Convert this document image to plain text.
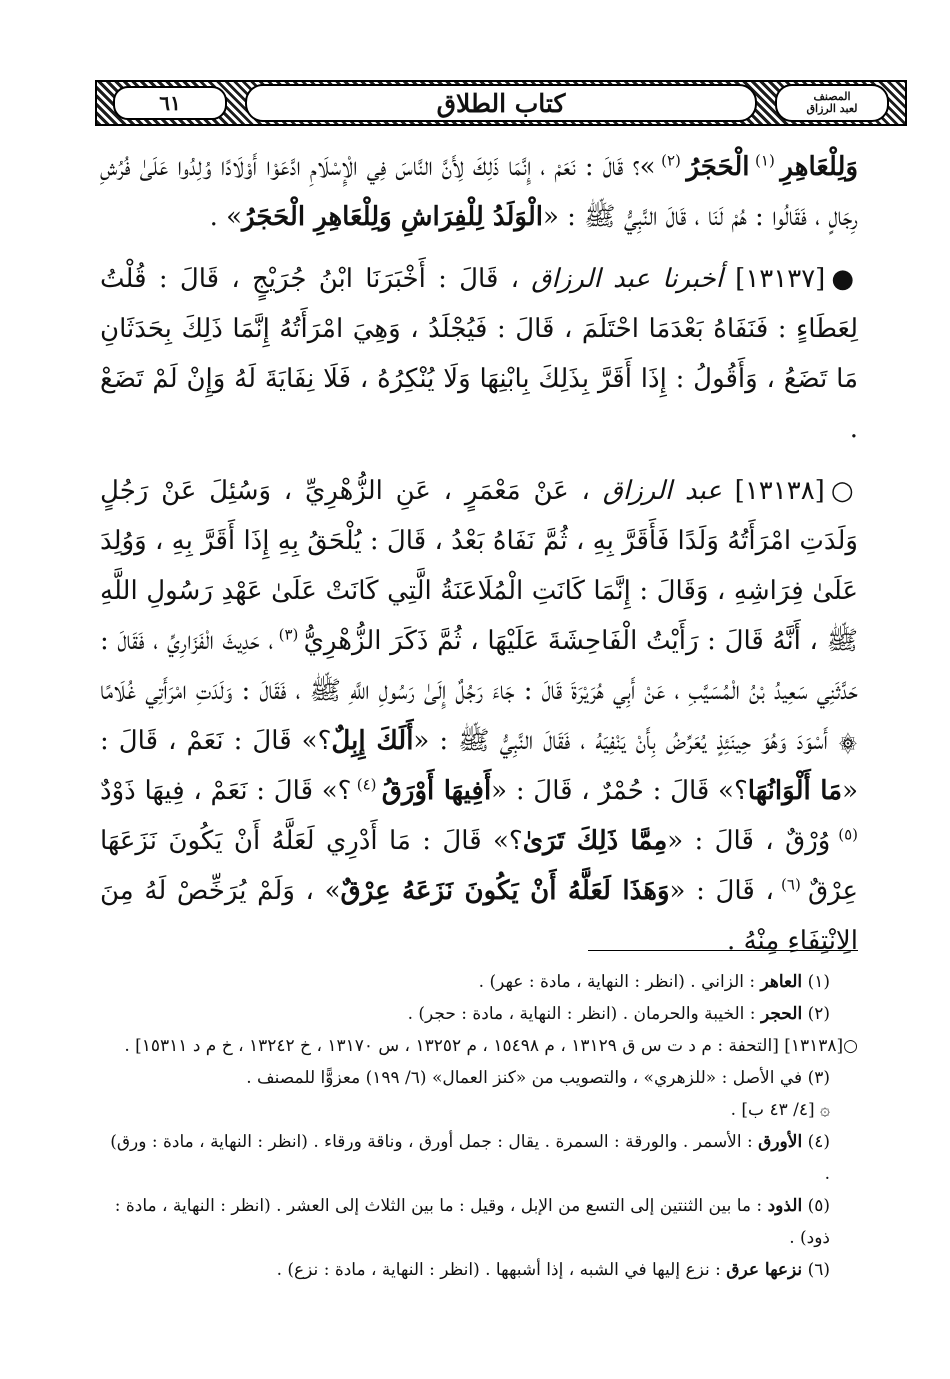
كتاب الطلاق
٦١	المصنف
لعبد الرزاق

وَلِلْعَاهِرِ $^{(١)}$ الْحَجَرُ $^{(٢)}$ »؟ قَالَ : نَعَمْ ، إِنَّمَا ذَلِكَ لِأَنَّ النَّاسَ فِي الْإِسْلَامِ ادَّعَوْا أَوْلَادًا وُلِدُوا عَلَىٰ فُرُشِ رِجَالٍ ، فَقَالُوا : هُمْ لَنَا ، قَالَ النَّبِيُّ ﷺ : «الْوَلَدُ لِلْفِرَاشِ وَلِلْعَاهِرِ الْحَجَرُ» .

●[١٣١٣٧] أخبرنا عبد الرزاق ، قَالَ : أَخْبَرَنَا ابْنُ جُرَيْجٍ ، قَالَ : قُلْتُ لِعَطَاءٍ : فَنَفَاهُ بَعْدَمَا احْتَلَمَ ، قَالَ : فَيُجْلَدُ ، وَهِيَ امْرَأَتُهُ إِنَّمَا ذَلِكَ بِحَدَثَانِ مَا تَضَعُ ، وَأَقُولُ : إِذَا أَقَرَّ بِذَلِكَ بِابْنِهَا وَلَا يُنْكِرُهُ ، فَلَا نِفَايَةَ لَهُ وَإِنْ لَمْ تَضَعْ .

○[١٣١٣٨] عبد الرزاق ، عَنْ مَعْمَرٍ ، عَنِ الزُّهْرِيِّ ، وَسُئِلَ عَنْ رَجُلٍ وَلَدَتِ امْرَأَتُهُ وَلَدًا فَأَقَرَّ بِهِ ، ثُمَّ نَفَاهُ بَعْدُ ، قَالَ : يُلْحَقُ بِهِ إِذَا أَقَرَّ بِهِ ، وَوُلِدَ عَلَىٰ فِرَاشِهِ ، وَقَالَ : إِنَّمَا كَانَتِ الْمُلَاعَنَةُ الَّتِي كَانَتْ عَلَىٰ عَهْدِ رَسُولِ اللَّهِ ﷺ ، أَنَّهُ قَالَ : رَأَيْتُ الْفَاحِشَةَ عَلَيْهَا ، ثُمَّ ذَكَرَ الزُّهْرِيُّ $^{(٣)}$ ، حَدِيثَ الْفَزَارِيِّ ، فَقَالَ : حَدَّثَنِي سَعِيدُ بْنُ الْمُسَيَّبِ ، عَنْ أَبِي هُرَيْرَةَ قَالَ : جَاءَ رَجُلٌ إِلَىٰ رَسُولِ اللَّهِ ﷺ ، فَقَالَ : وَلَدَتِ امْرَأَتِي غُلَامًا ۞ أَسْوَدَ وَهُوَ حِينَئِذٍ يُعَرِّضُ بِأَنْ يَنْفِيَهُ ، فَقَالَ النَّبِيُّ ﷺ : «أَلَكَ إِبِلٌ؟» قَالَ : نَعَمْ ، قَالَ : «مَا أَلْوَانُهَا؟» قَالَ : حُمْرٌ ، قَالَ : «أَفِيهَا أَوْرَقُ $^{(٤)}$ ؟» قَالَ : نَعَمْ ، فِيهَا ذَوْدٌ $^{(٥)}$ وُرْقٌ ، قَالَ : «مِمَّا ذَلِكَ تَرَىٰ؟» قَالَ : مَا أَدْرِي لَعَلَّهُ أَنْ يَكُونَ نَزَعَهَا عِرْقٌ $^{(٦)}$ ، قَالَ : «وَهَذَا لَعَلَّهُ أَنْ يَكُونَ نَزَعَهُ عِرْقٌ» ، وَلَمْ يُرَخِّصْ لَهُ مِنَ الِانْتِفَاءِ مِنْهُ .

(١) العاهر : الزاني . (انظر : النهاية ، مادة : عهر) .

(٢) الحجر : الخيبة والحرمان . (انظر : النهاية ، مادة : حجر) .

○[١٣١٣٨] [التحفة : م د ت س ق ١٣١٢٩ ، م ١٥٤٩٨ ، م ١٣٢٥٢ ، س ١٣١٧٠ ، خ ١٣٢٤٢ ، خ م د ١٥٣١١] .

(٣) في الأصل : «للزهري» ، والتصويب من «كنز العمال» (٦/ ١٩٩) معزوًّا للمصنف .

۞ [٤/ ٤٣ ب] .

(٤) الأورق : الأسمر . والورقة : السمرة . يقال : جمل أورق ، وناقة ورقاء . (انظر : النهاية ، مادة : ورق) .

(٥) الذود : ما بين الثنتين إلى التسع من الإبل ، وقيل : ما بين الثلاث إلى العشر . (انظر : النهاية ، مادة : ذود) .

(٦) نزعها عرق : نزع إليها في الشبه ، إذا أشبهها . (انظر : النهاية ، مادة : نزع) .
